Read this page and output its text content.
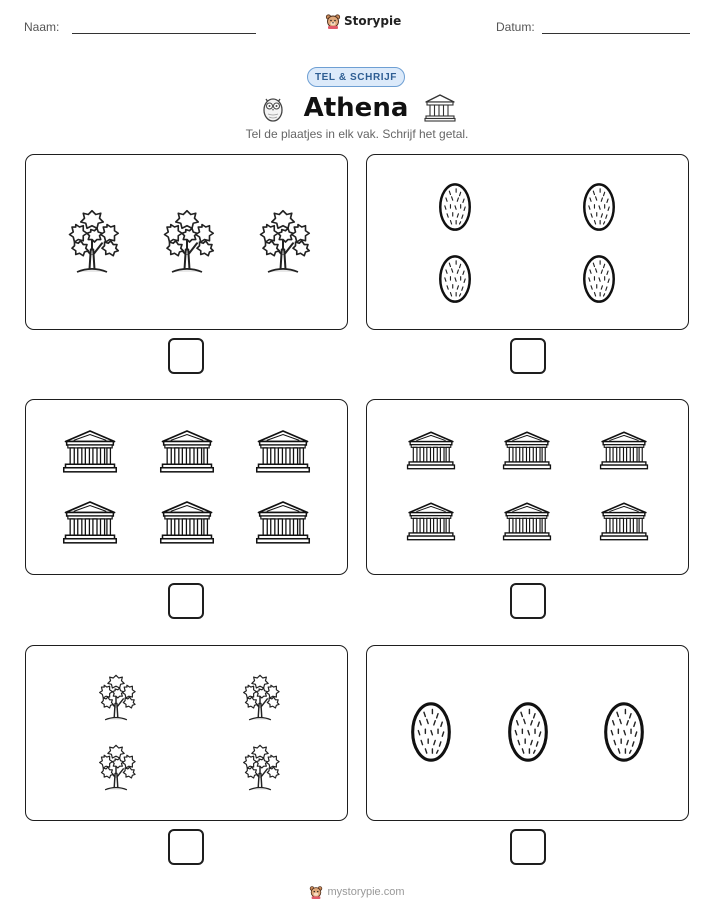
Naam:	Storypie	Datum:
TEL & SCHRIJF
Athena
Tel de plaatjes in elk vak. Schrijf het getal.
mystorypie.com
